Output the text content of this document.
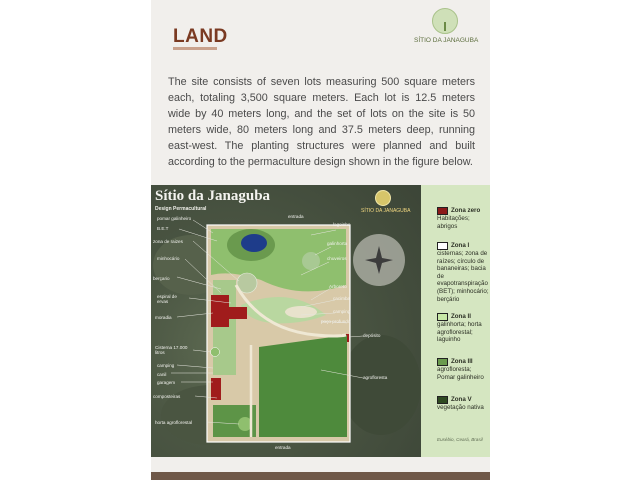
LAND	SÍTIO DA JANAGUBA

The site consists of seven lots measuring 500 square meters each, totaling 3,500 square meters. Each lot is 12.5 meters wide by 40 meters long, and the set of lots on the site is 50 meters wide, 80 meters long and 37.5 meters deep, running east-west. The planting structures were planned and built according to the permaculture design shown in the figure below.

Sítio da Janaguba
Design Permacultural	SÍTIO DA JANAGUBA
pomar galinheiro
B.E.T
zona de raizes
minhocário
berçario
espiral de ervas
moradia
Cisterna 17.000 litros
camping
canil
garagem
composteiras
horta agroflorestal
entrada
lagoinho
galinhorta
chuveiros
Arboreto
cacimba
camping
poço profundo
depósito
agrofloresta
entrada
Zona zero
Habitações; abrigos
Zona I
cisternas; zona de raízes; círculo de bananeiras; bacia de evapotranspiração (BET); minhocário; berçário
Zona II
galinhorta; horta agroflorestal; laguinho
Zona III
agrofloresta; Pomar galinheiro
Zona V
vegetação nativa
Eusébio, Ceará, Brasil
